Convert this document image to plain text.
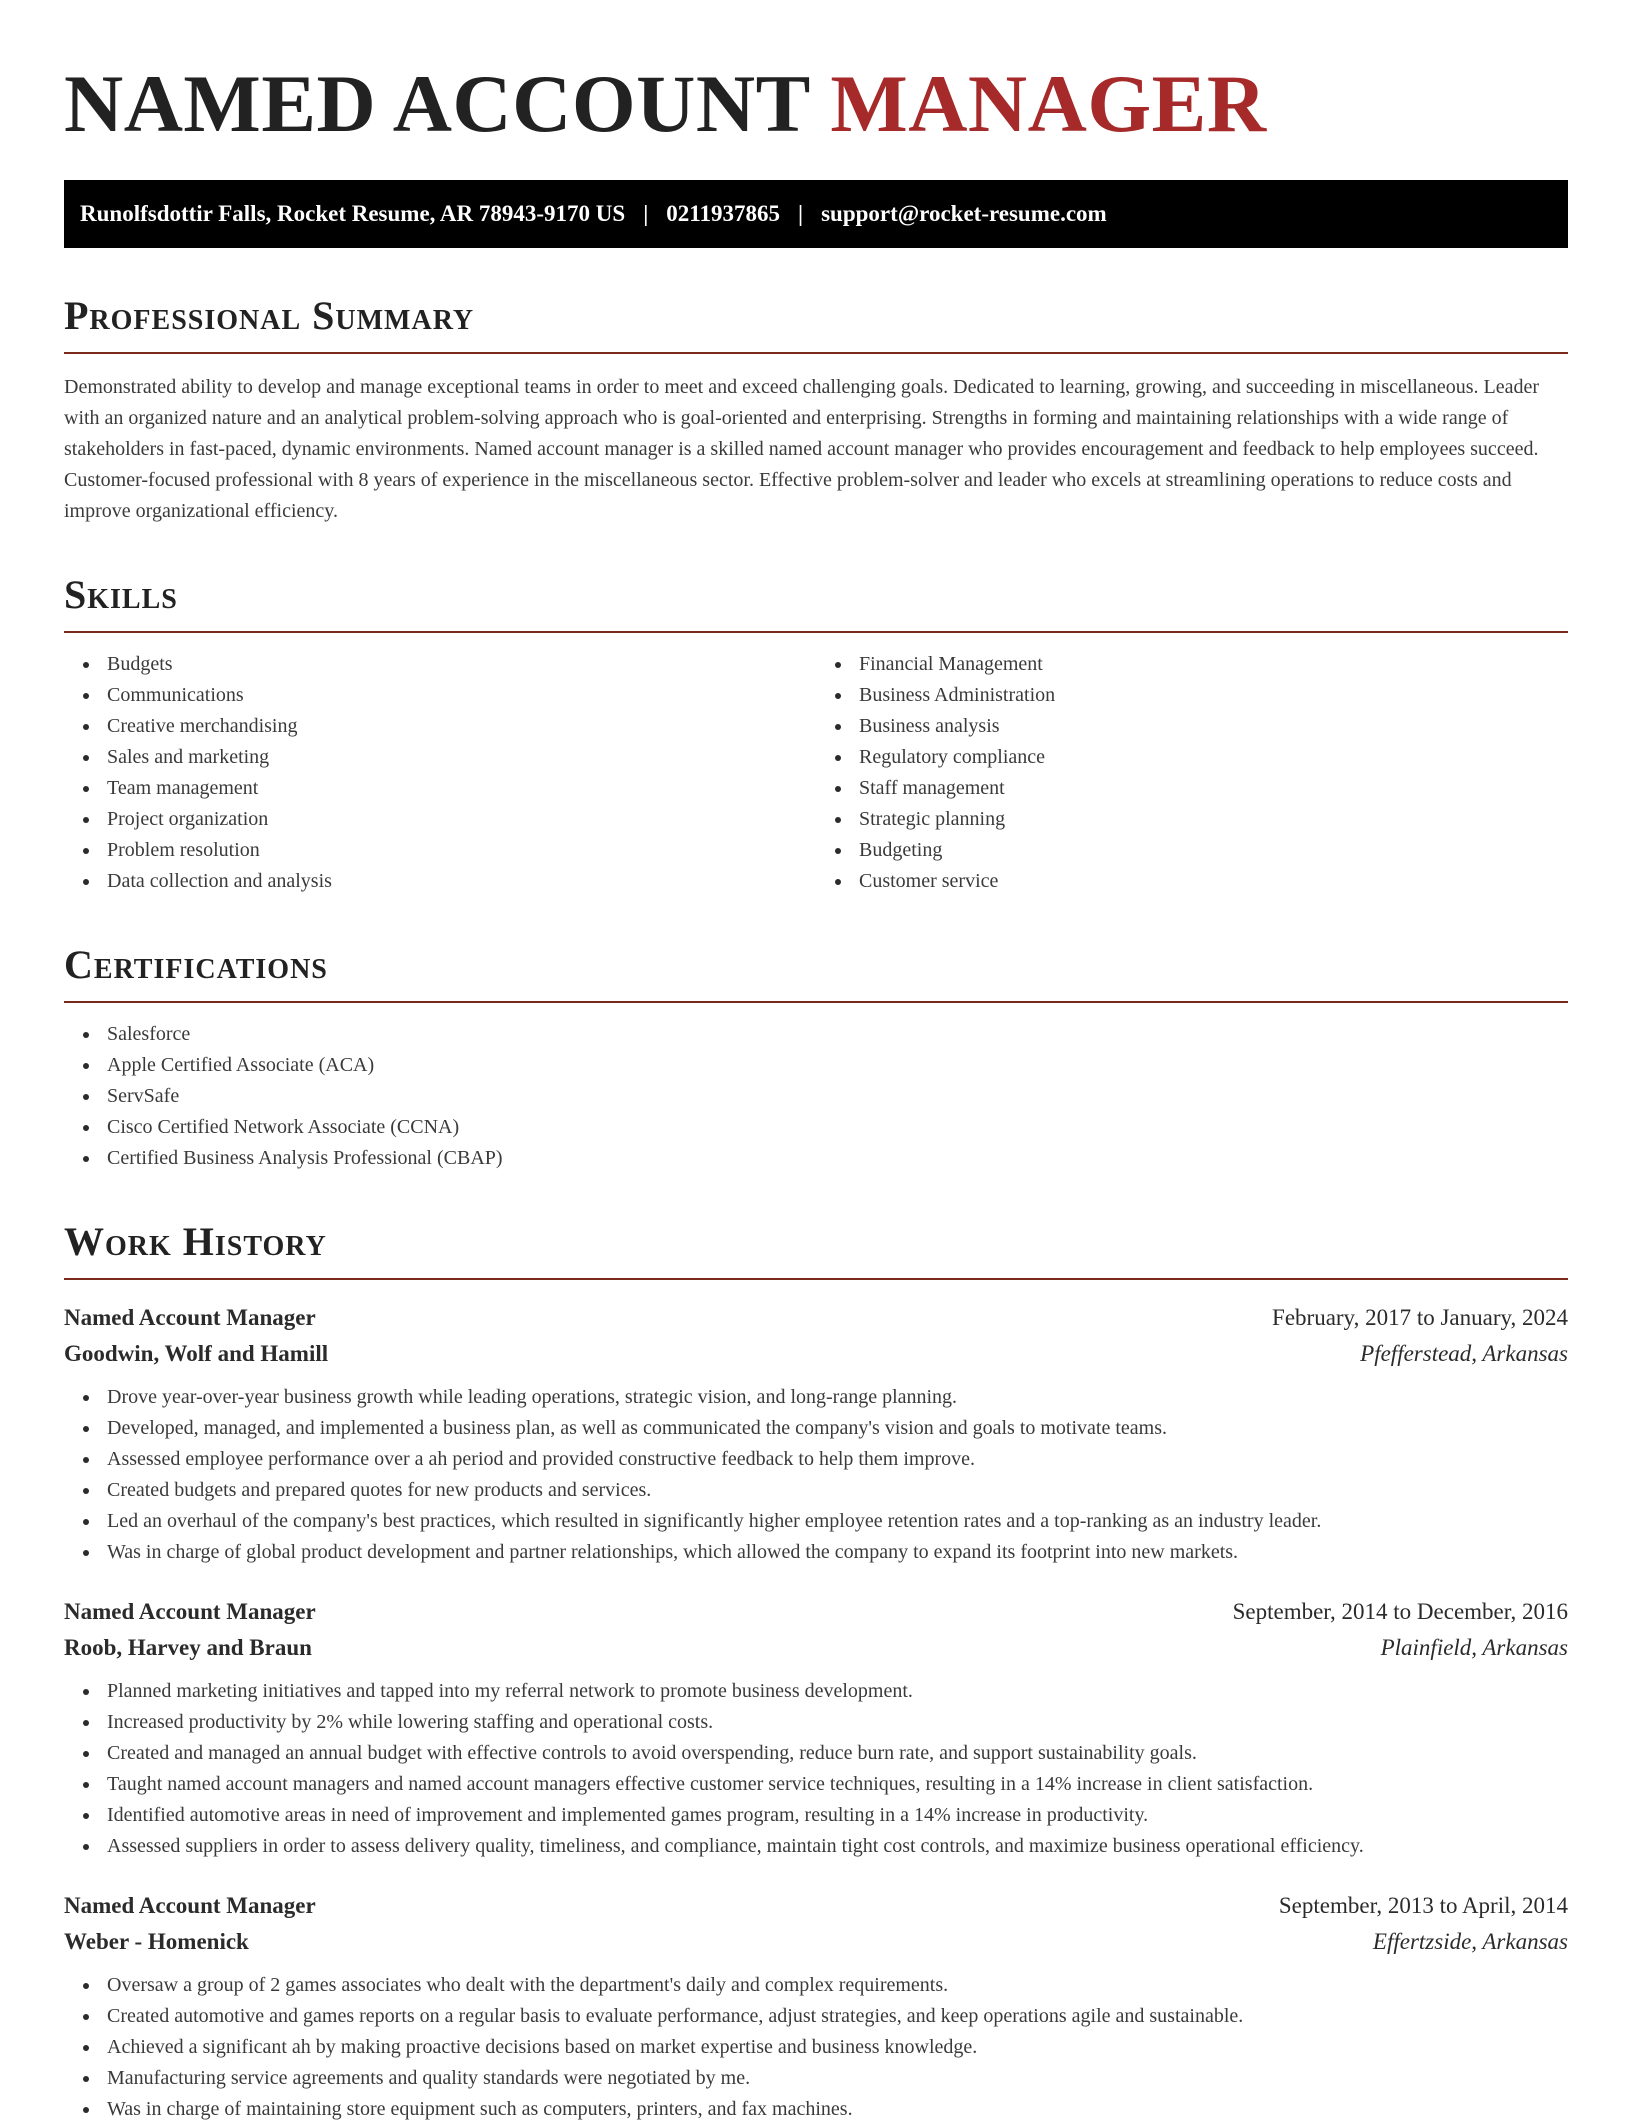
NAMED ACCOUNT MANAGER
Runolfsdottir Falls, Rocket Resume, AR 78943-9170 US | 0211937865 | support@rocket-resume.com
Professional Summary

Demonstrated ability to develop and manage exceptional teams in order to meet and exceed challenging goals. Dedicated to learning, growing, and succeeding in miscellaneous. Leader with an organized nature and an analytical problem-solving approach who is goal-oriented and enterprising. Strengths in forming and maintaining relationships with a wide range of stakeholders in fast-paced, dynamic environments. Named account manager is a skilled named account manager who provides encouragement and feedback to help employees succeed. Customer-focused professional with 8 years of experience in the miscellaneous sector. Effective problem-solver and leader who excels at streamlining operations to reduce costs and improve organizational efficiency.

Skills
Budgets
Communications
Creative merchandising
Sales and marketing
Team management
Project organization
Problem resolution
Data collection and analysis
Financial Management
Business Administration
Business analysis
Regulatory compliance
Staff management
Strategic planning
Budgeting
Customer service
Certifications
Salesforce
Apple Certified Associate (ACA)
ServSafe
Cisco Certified Network Associate (CCNA)
Certified Business Analysis Professional (CBAP)
Work History
Named Account Manager	February, 2017 to January, 2024
Goodwin, Wolf and Hamill	Pfefferstead, Arkansas
Drove year-over-year business growth while leading operations, strategic vision, and long-range planning.
Developed, managed, and implemented a business plan, as well as communicated the company's vision and goals to motivate teams.
Assessed employee performance over a ah period and provided constructive feedback to help them improve.
Created budgets and prepared quotes for new products and services.
Led an overhaul of the company's best practices, which resulted in significantly higher employee retention rates and a top-ranking as an industry leader.
Was in charge of global product development and partner relationships, which allowed the company to expand its footprint into new markets.
Named Account Manager	September, 2014 to December, 2016
Roob, Harvey and Braun	Plainfield, Arkansas
Planned marketing initiatives and tapped into my referral network to promote business development.
Increased productivity by 2% while lowering staffing and operational costs.
Created and managed an annual budget with effective controls to avoid overspending, reduce burn rate, and support sustainability goals.
Taught named account managers and named account managers effective customer service techniques, resulting in a 14% increase in client satisfaction.
Identified automotive areas in need of improvement and implemented games program, resulting in a 14% increase in productivity.
Assessed suppliers in order to assess delivery quality, timeliness, and compliance, maintain tight cost controls, and maximize business operational efficiency.
Named Account Manager	September, 2013 to April, 2014
Weber - Homenick	Effertzside, Arkansas
Oversaw a group of 2 games associates who dealt with the department's daily and complex requirements.
Created automotive and games reports on a regular basis to evaluate performance, adjust strategies, and keep operations agile and sustainable.
Achieved a significant ah by making proactive decisions based on market expertise and business knowledge.
Manufacturing service agreements and quality standards were negotiated by me.
Was in charge of maintaining store equipment such as computers, printers, and fax machines.
